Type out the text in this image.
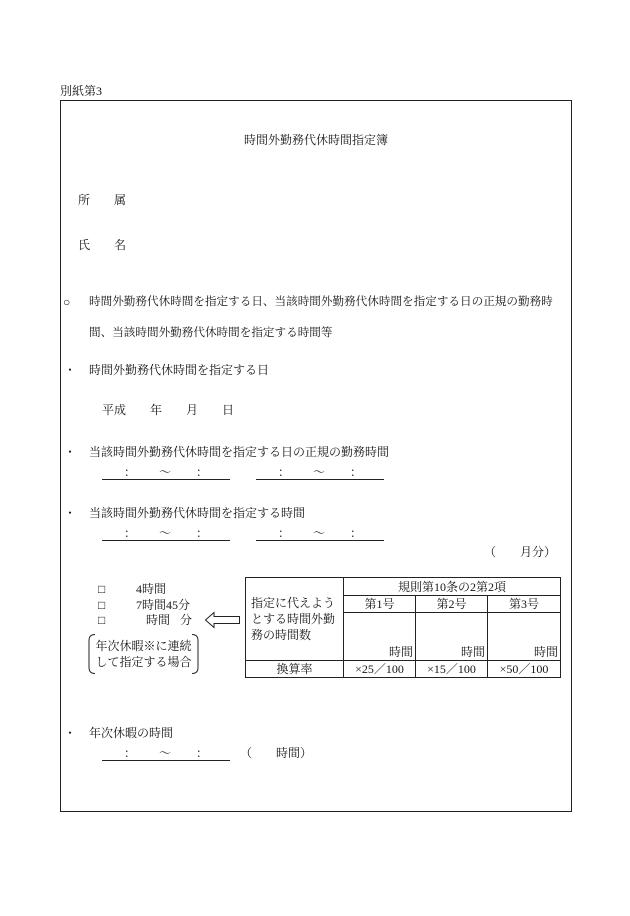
別紙第3
時間外勤務代休時間指定簿
所　　属
氏　　名
○ 時間外勤務代休時間を指定する日、当該時間外勤務代休時間を指定する日の正規の勤務時
間、当該時間外勤務代休時間を指定する時間等
・ 時間外勤務代休時間を指定する日
平成　　年　　月　　日
・ 当該時間外勤務代休時間を指定する日の正規の勤務時間
： 〜 ：	： 〜 ：
・ 当該時間外勤務代休時間を指定する時間
： 〜 ：	： 〜 ：
（　　月分）
□	4時間
□	7時間45分
□	時間 分
年次休暇※に連続
して指定する場合
指定に代えよう
とする時間外勤
務の時間数	規則第10条の2第2項		
	第1号	第2号	第3号
	時間	時間	時間
換算率	×25／100	×15／100	×50／100
・ 年次休暇の時間
： 〜 ：	（　　時間）
